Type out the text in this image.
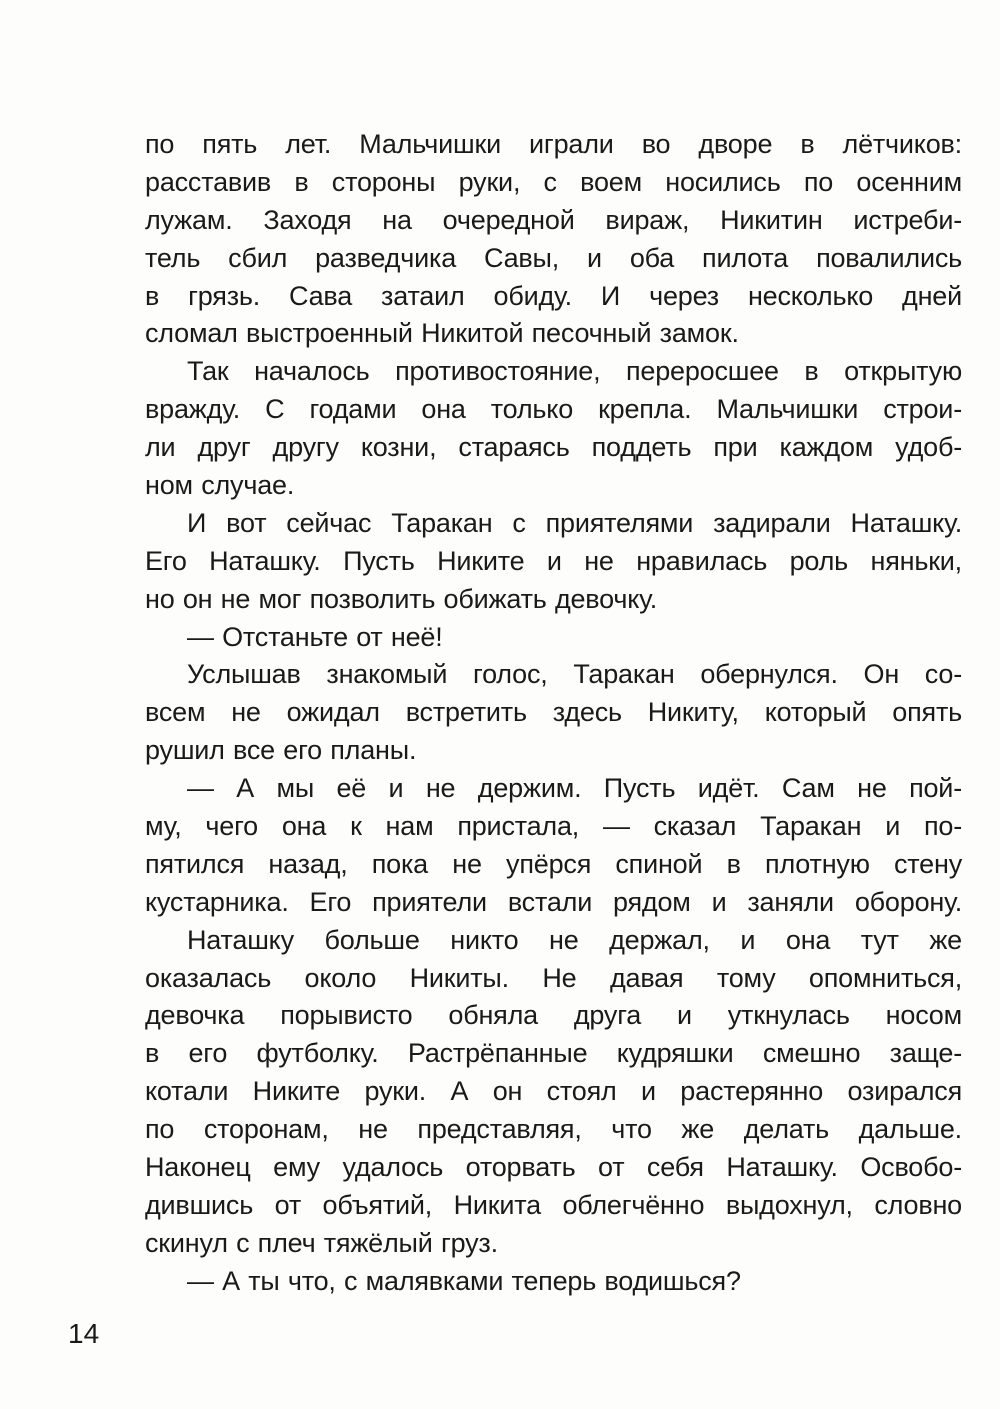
по пять лет. Мальчишки играли во дворе в лётчиков:
расставив в стороны руки, с воем носились по осенним
лужам. Заходя на очередной вираж, Никитин истреби-
тель сбил разведчика Савы, и оба пилота повалились
в грязь. Сава затаил обиду. И через несколько дней
сломал выстроенный Никитой песочный замок.
Так началось противостояние, переросшее в открытую
вражду. С годами она только крепла. Мальчишки строи-
ли друг другу козни, стараясь поддеть при каждом удоб-
ном случае.
И вот сейчас Таракан с приятелями задирали Наташку.
Его Наташку. Пусть Никите и не нравилась роль няньки,
но он не мог позволить обижать девочку.
— Отстаньте от неё!
Услышав знакомый голос, Таракан обернулся. Он со-
всем не ожидал встретить здесь Никиту, который опять
рушил все его планы.
— А мы её и не держим. Пусть идёт. Сам не пой-
му, чего она к нам пристала, — сказал Таракан и по-
пятился назад, пока не упёрся спиной в плотную стену
кустарника. Его приятели встали рядом и заняли оборону.
Наташку больше никто не держал, и она тут же
оказалась около Никиты. Не давая тому опомниться,
девочка порывисто обняла друга и уткнулась носом
в его футболку. Растрёпанные кудряшки смешно заще-
котали Никите руки. А он стоял и растерянно озирался
по сторонам, не представляя, что же делать дальше.
Наконец ему удалось оторвать от себя Наташку. Освобо-
дившись от объятий, Никита облегчённо выдохнул, словно
скинул с плеч тяжёлый груз.
— А ты что, с малявками теперь водишься?
14
